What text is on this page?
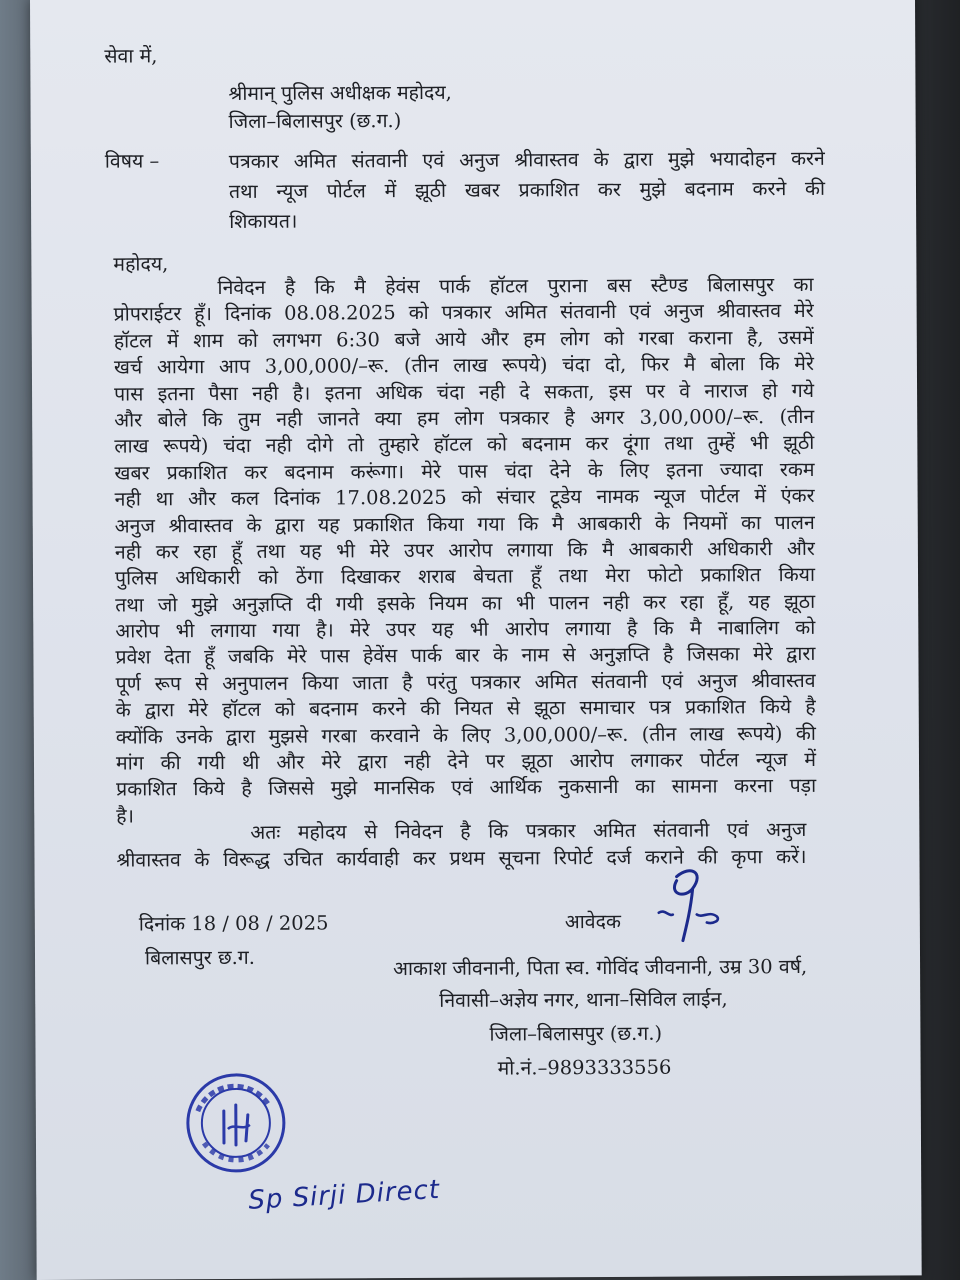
सेवा में,
श्रीमान् पुलिस अधीक्षक महोदय,
जिला–बिलासपुर (छ.ग.)
विषय –	पत्रकार अमित संतवानी एवं अनुज श्रीवास्तव के द्वारा मुझे भयादोहन करने
तथा न्यूज पोर्टल में झूठी खबर प्रकाशित कर मुझे बदनाम करने की
शिकायत।
महोदय,
निवेदन है कि मै हेवंस पार्क हॉटल पुराना बस स्टैण्ड बिलासपुर का
प्रोपराईटर हूँ। दिनांक 08.08.2025 को पत्रकार अमित संतवानी एवं अनुज श्रीवास्तव मेरे
हॉटल में शाम को लगभग 6:30 बजे आये और हम लोग को गरबा कराना है, उसमें
खर्च आयेगा आप 3,00,000/–रू. (तीन लाख रूपये) चंदा दो, फिर मै बोला कि मेरे
पास इतना पैसा नही है। इतना अधिक चंदा नही दे सकता, इस पर वे नाराज हो गये
और बोले कि तुम नही जानते क्या हम लोग पत्रकार है अगर 3,00,000/–रू. (तीन
लाख रूपये) चंदा नही दोगे तो तुम्हारे हॉटल को बदनाम कर दूंगा तथा तुम्हें भी झूठी
खबर प्रकाशित कर बदनाम करूंगा। मेरे पास चंदा देने के लिए इतना ज्यादा रकम
नही था और कल दिनांक 17.08.2025 को संचार टूडेय नामक न्यूज पोर्टल में एंकर
अनुज श्रीवास्तव के द्वारा यह प्रकाशित किया गया कि मै आबकारी के नियमों का पालन
नही कर रहा हूँ तथा यह भी मेरे उपर आरोप लगाया कि मै आबकारी अधिकारी और
पुलिस अधिकारी को ठेंगा दिखाकर शराब बेचता हूँ तथा मेरा फोटो प्रकाशित किया
तथा जो मुझे अनुज्ञप्ति दी गयी इसके नियम का भी पालन नही कर रहा हूँ, यह झूठा
आरोप भी लगाया गया है। मेरे उपर यह भी आरोप लगाया है कि मै नाबालिग को
प्रवेश देता हूँ जबकि मेरे पास हेवेंस पार्क बार के नाम से अनुज्ञप्ति है जिसका मेरे द्वारा
पूर्ण रूप से अनुपालन किया जाता है परंतु पत्रकार अमित संतवानी एवं अनुज श्रीवास्तव
के द्वारा मेरे हॉटल को बदनाम करने की नियत से झूठा समाचार पत्र प्रकाशित किये है
क्योंकि उनके द्वारा मुझसे गरबा करवाने के लिए 3,00,000/–रू. (तीन लाख रूपये) की
मांग की गयी थी और मेरे द्वारा नही देने पर झूठा आरोप लगाकर पोर्टल न्यूज में
प्रकाशित किये है जिससे मुझे मानसिक एवं आर्थिक नुकसानी का सामना करना पड़ा
है।
अतः महोदय से निवेदन है कि पत्रकार अमित संतवानी एवं अनुज
श्रीवास्तव के विरूद्ध उचित कार्यवाही कर प्रथम सूचना रिपोर्ट दर्ज कराने की कृपा करें।
दिनांक 18 / 08 / 2025	आवेदक
बिलासपुर छ.ग.	आकाश जीवनानी, पिता स्व. गोविंद जीवनानी, उम्र 30 वर्ष,
निवासी–अज्ञेय नगर, थाना–सिविल लाईन,
जिला–बिलासपुर (छ.ग.)
मो.नं.–9893333556
Sp Sirji Direct
